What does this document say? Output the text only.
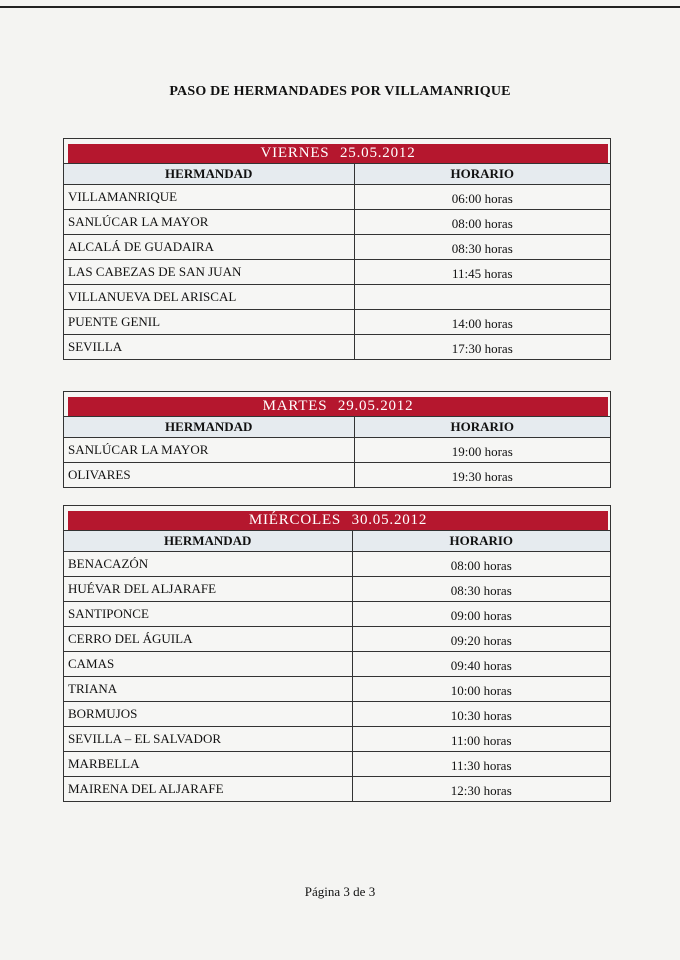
PASO DE HERMANDADES POR VILLAMANRIQUE
VIERNES 25.05.2012
HERMANDAD	HORARIO
VILLAMANRIQUE	06:00 horas
SANLÚCAR LA MAYOR	08:00 horas
ALCALÁ DE GUADAIRA	08:30 horas
LAS CABEZAS DE SAN JUAN	11:45 horas
VILLANUEVA DEL ARISCAL	
PUENTE GENIL	14:00 horas
SEVILLA	17:30 horas
MARTES 29.05.2012
HERMANDAD	HORARIO
SANLÚCAR LA MAYOR	19:00 horas
OLIVARES	19:30 horas
MIÉRCOLES 30.05.2012
HERMANDAD	HORARIO
BENACAZÓN	08:00 horas
HUÉVAR DEL ALJARAFE	08:30 horas
SANTIPONCE	09:00 horas
CERRO DEL ÁGUILA	09:20 horas
CAMAS	09:40 horas
TRIANA	10:00 horas
BORMUJOS	10:30 horas
SEVILLA – EL SALVADOR	11:00 horas
MARBELLA	11:30 horas
MAIRENA DEL ALJARAFE	12:30 horas
Página 3 de 3
